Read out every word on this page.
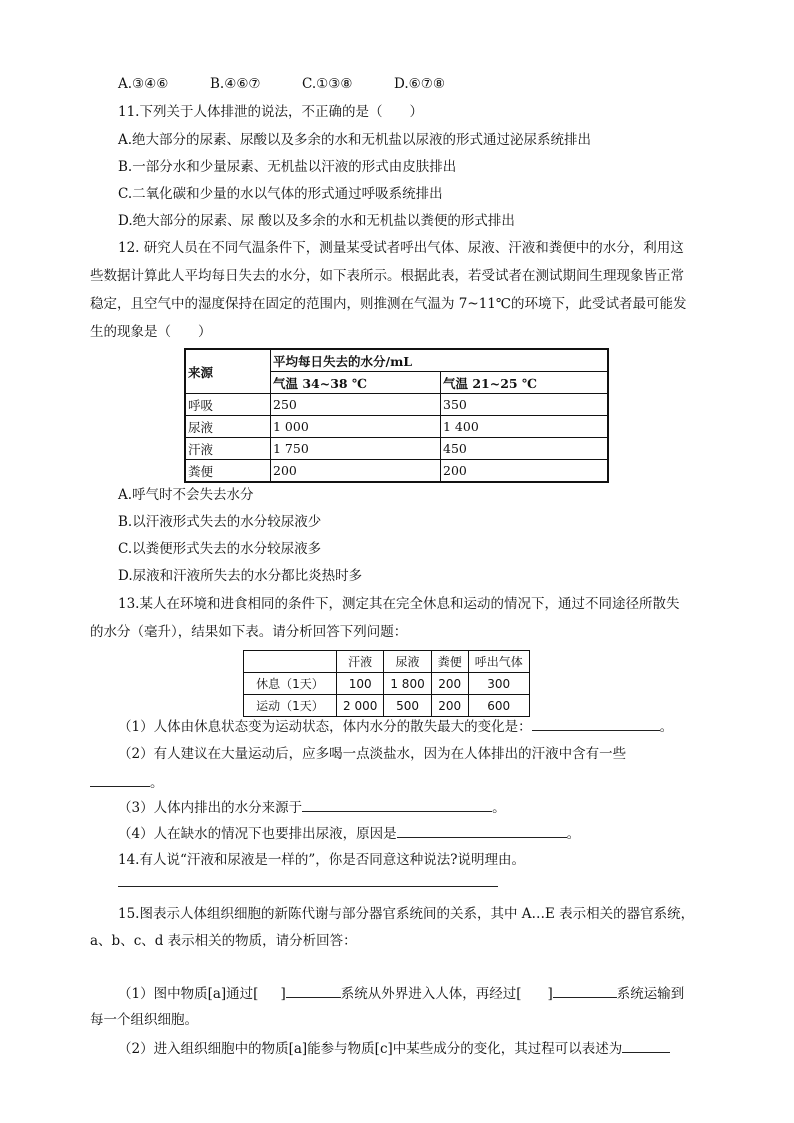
A.③④⑥	B.④⑥⑦	C.①③⑧	D.⑥⑦⑧
11.下列关于人体排泄的说法，不正确的是（　　）
A.绝大部分的尿素、尿酸以及多余的水和无机盐以尿液的形式通过泌尿系统排出
B.一部分水和少量尿素、无机盐以汗液的形式由皮肤排出
C.二氧化碳和少量的水以气体的形式通过呼吸系统排出
D.绝大部分的尿素、尿 酸以及多余的水和无机盐以粪便的形式排出
12. 研究人员在不同气温条件下，测量某受试者呼出气体、尿液、汗液和粪便中的水分，利用这
些数据计算此人平均每日失去的水分，如下表所示。根据此表，若受试者在测试期间生理现象皆正常
稳定，且空气中的湿度保持在固定的范围内，则推测在气温为 7~11℃的环境下，此受试者最可能发
生的现象是（　　）
来源	平均每日失去的水分/mL	
	气温 34~38 ℃	气温 21~25 ℃
呼吸	250	350
尿液	1 000	1 400
汗液	1 750	450
粪便	200	200
A.呼气时不会失去水分
B.以汗液形式失去的水分较尿液少
C.以粪便形式失去的水分较尿液多
D.尿液和汗液所失去的水分都比炎热时多
13.某人在环境和进食相同的条件下，测定其在完全休息和运动的情况下，通过不同途径所散失
的水分（毫升），结果如下表。请分析回答下列问题：
	汗液	尿液	粪便	呼出气体
休息（1天）	100	1 800	200	300
运动（1天）	2 000	500	200	600
（1）人体由休息状态变为运动状态，体内水分的散失最大的变化是：	。
（2）有人建议在大量运动后，应多喝一点淡盐水，因为在人体排出的汗液中含有一些
。
（3）人体内排出的水分来源于	。
（4）人在缺水的情况下也要排出尿液，原因是	。
14.有人说“汗液和尿液是一样的”，你是否同意这种说法?说明理由。
15.图表示人体组织细胞的新陈代谢与部分器官系统间的关系，其中 A…E 表示相关的器官系统，
a、b、c、d 表示相关的物质，请分析回答：
（1）图中物质[a]通过[ ]	系统从外界进入人体，再经过[ ]	系统运输到
每一个组织细胞。
（2）进入组织细胞中的物质[a]能参与物质[c]中某些成分的变化，其过程可以表述为
